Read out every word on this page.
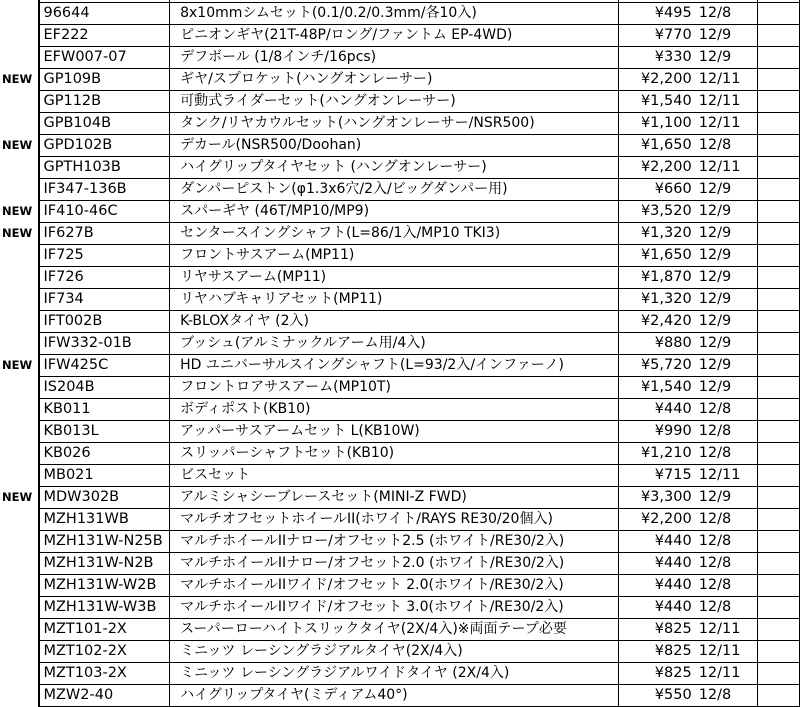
	96644	8x10mmシムセット(0.1/0.2/0.3mm/各10入)	¥495	12/8	
	EF222	ピニオンギヤ(21T-48P/ロング/ファントム EP-4WD)	¥770	12/9	
	EFW007-07	デフボール (1/8インチ/16pcs)	¥330	12/9	
NEW	GP109B	ギヤ/スプロケット(ハングオンレーサー)	¥2,200	12/11	
	GP112B	可動式ライダーセット(ハングオンレーサー)	¥1,540	12/11	
	GPB104B	タンク/リヤカウルセット(ハングオンレーサー/NSR500)	¥1,100	12/11	
NEW	GPD102B	デカール(NSR500/Doohan)	¥1,650	12/8	
	GPTH103B	ハイグリップタイヤセット (ハングオンレーサー)	¥2,200	12/11	
	IF347-136B	ダンパーピストン(φ1.3x6穴/2入/ビッグダンパー用)	¥660	12/9	
NEW	IF410-46C	スパーギヤ (46T/MP10/MP9)	¥3,520	12/9	
NEW	IF627B	センタースイングシャフト(L=86/1入/MP10 TKI3)	¥1,320	12/9	
	IF725	フロントサスアーム(MP11)	¥1,650	12/9	
	IF726	リヤサスアーム(MP11)	¥1,870	12/9	
	IF734	リヤハブキャリアセット(MP11)	¥1,320	12/9	
	IFT002B	K-BLOXタイヤ (2入)	¥2,420	12/9	
	IFW332-01B	ブッシュ(アルミナックルアーム用/4入)	¥880	12/9	
NEW	IFW425C	HD ユニバーサルスイングシャフト(L=93/2入/インファーノ)	¥5,720	12/9	
	IS204B	フロントロアサスアーム(MP10T)	¥1,540	12/9	
	KB011	ボディポスト(KB10)	¥440	12/8	
	KB013L	アッパーサスアームセット L(KB10W)	¥990	12/8	
	KB026	スリッパーシャフトセット(KB10)	¥1,210	12/8	
	MB021	ビスセット	¥715	12/11	
NEW	MDW302B	アルミシャシーブレースセット(MINI-Z FWD)	¥3,300	12/9	
	MZH131WB	マルチオフセットホイールII(ホワイト/RAYS RE30/20個入)	¥2,200	12/8	
	MZH131W-N25B	マルチホイールIIナロー/オフセット2.5 (ホワイト/RE30/2入)	¥440	12/8	
	MZH131W-N2B	マルチホイールIIナロー/オフセット2.0 (ホワイト/RE30/2入)	¥440	12/8	
	MZH131W-W2B	マルチホイールIIワイド/オフセット 2.0(ホワイト/RE30/2入)	¥440	12/8	
	MZH131W-W3B	マルチホイールIIワイド/オフセット 3.0(ホワイト/RE30/2入)	¥440	12/8	
	MZT101-2X	スーパーローハイトスリックタイヤ(2X/4入)※両面テープ必要	¥825	12/11	
	MZT102-2X	ミニッツ レーシングラジアルタイヤ(2X/4入)	¥825	12/11	
	MZT103-2X	ミニッツ レーシングラジアルワイドタイヤ (2X/4入)	¥825	12/11	
	MZW2-40	ハイグリップタイヤ(ミディアム40°)	¥550	12/8	
